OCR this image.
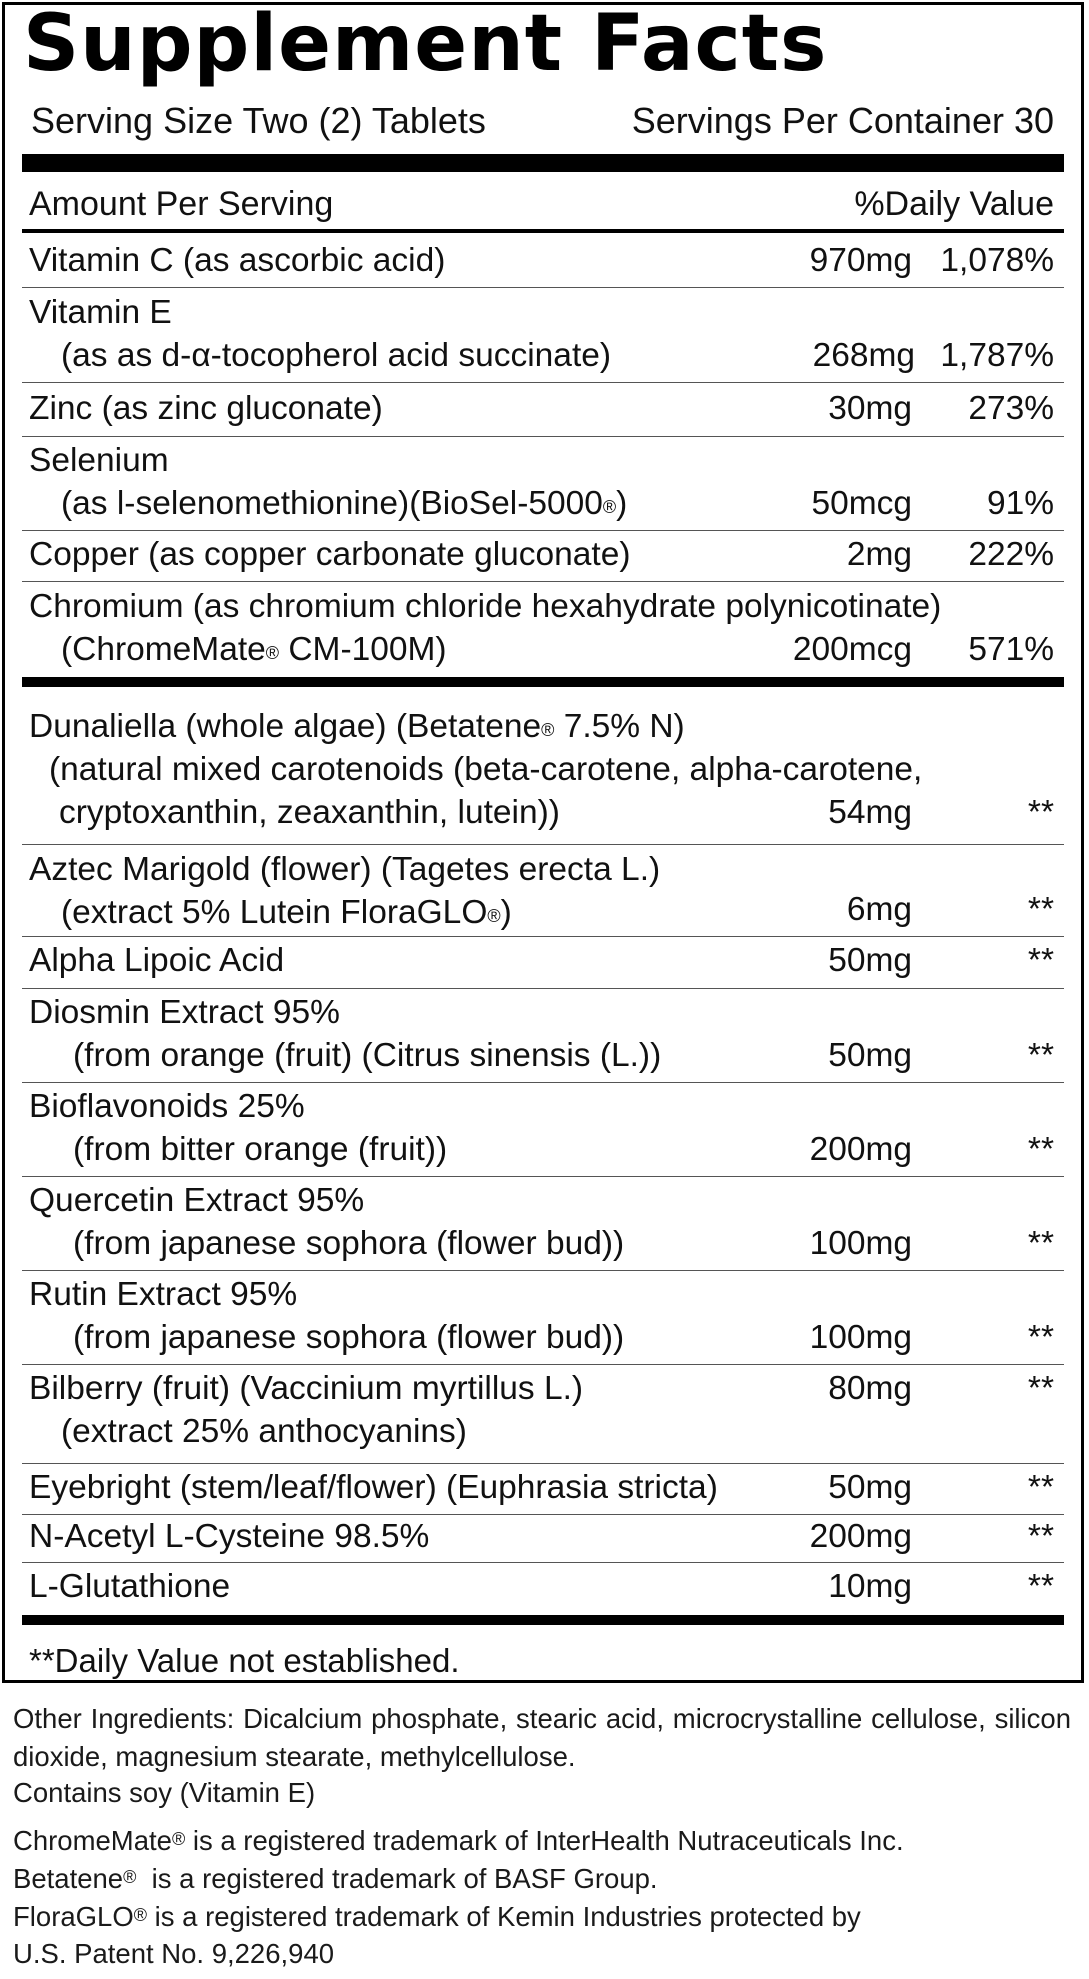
Supplement Facts
Serving Size Two (2) Tablets	Servings Per Container 30
Amount Per Serving	%Daily Value
Vitamin C (as ascorbic acid)	970mg 1,078%
Vitamin E
(as as d-α-tocopherol acid succinate)	268mg 1,787%
Zinc (as zinc gluconate)	30mg 273%
Selenium
(as l-selenomethionine)(BioSel-5000®)	50mcg 91%
Copper (as copper carbonate gluconate)	2mg 222%
Chromium (as chromium chloride hexahydrate polynicotinate)
(ChromeMate® CM-100M)	200mcg 571%
Dunaliella (whole algae) (Betatene® 7.5% N)
(natural mixed carotenoids (beta-carotene, alpha-carotene,
cryptoxanthin, zeaxanthin, lutein))	54mg	**
Aztec Marigold (flower) (Tagetes erecta L.)
(extract 5% Lutein FloraGLO®)	6mg	**
Alpha Lipoic Acid	50mg	**
Diosmin Extract 95%
(from orange (fruit) (Citrus sinensis (L.))	50mg	**
Bioflavonoids 25%
(from bitter orange (fruit))	200mg	**
Quercetin Extract 95%
(from japanese sophora (flower bud))	100mg	**
Rutin Extract 95%
(from japanese sophora (flower bud))	100mg	**
Bilberry (fruit) (Vaccinium myrtillus L.)
(extract 25% anthocyanins)
80mg	**
Eyebright (stem/leaf/flower) (Euphrasia stricta)	50mg	**
N-Acetyl L-Cysteine 98.5%	200mg	**
L-Glutathione	10mg	**
**Daily Value not established.
Other Ingredients: Dicalcium phosphate, stearic acid, microcrystalline cellulose, silicon dioxide, magnesium stearate, methylcellulose.
Contains soy (Vitamin E)
ChromeMate® is a registered trademark of InterHealth Nutraceuticals Inc.
Betatene®  is a registered trademark of BASF Group.
FloraGLO® is a registered trademark of Kemin Industries protected by
U.S. Patent No. 9,226,940
